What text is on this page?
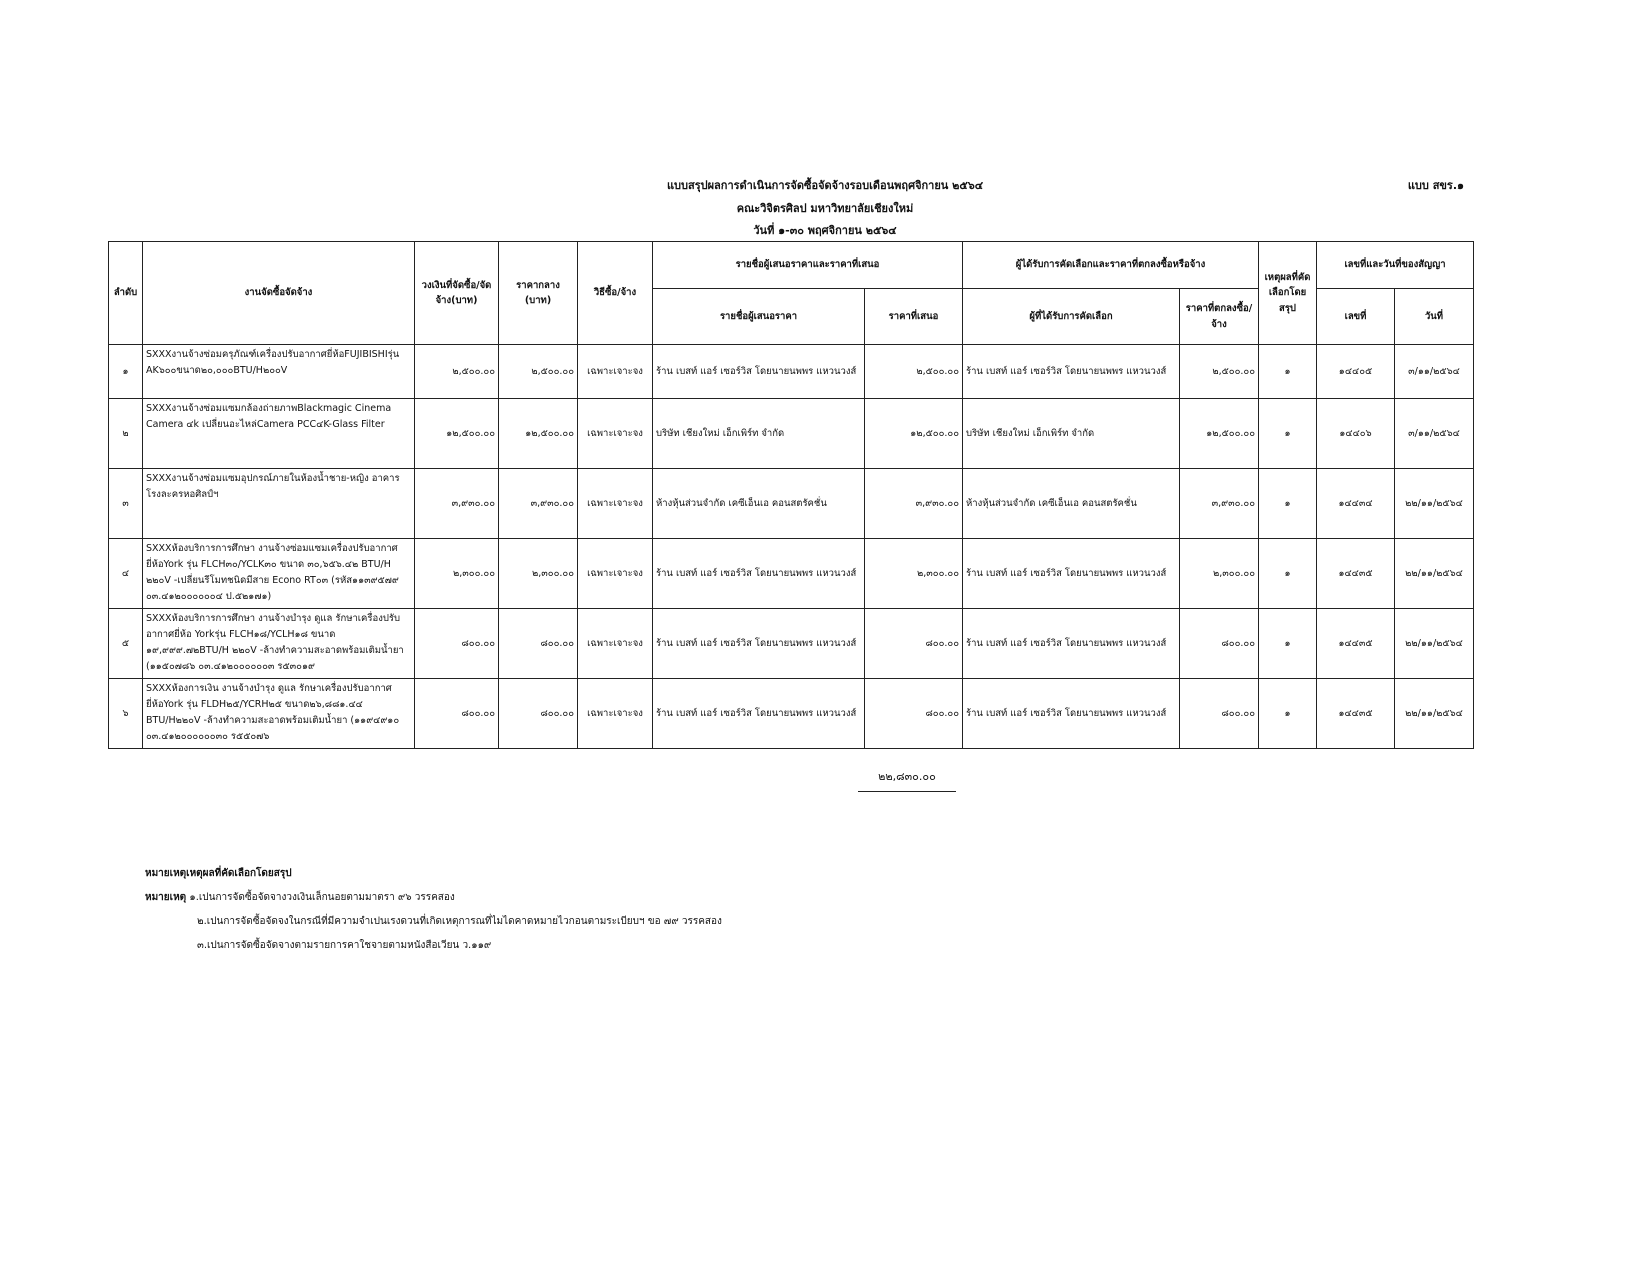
แบบสรุปผลการดำเนินการจัดซื้อจัดจ้างรอบเดือนพฤศจิกายน ๒๕๖๔
คณะวิจิตรศิลป มหาวิทยาลัยเชียงใหม่
วันที่ ๑-๓๐ พฤศจิกายน ๒๕๖๔
แบบ สขร.๑
ลำดับ	งานจัดซื้อจัดจ้าง	วงเงินที่จัดซื้อ/จัดจ้าง(บาท)	ราคากลาง (บาท)	วิธีซื้อ/จ้าง	รายชื่อผู้เสนอราคาและราคาที่เสนอ		ผู้ได้รับการคัดเลือกและราคาที่ตกลงซื้อหรือจ้าง		เหตุผลที่คัดเลือกโดยสรุป	เลขที่และวันที่ของสัญญา	
					รายชื่อผู้เสนอราคา	ราคาที่เสนอ	ผู้ที่ได้รับการคัดเลือก	ราคาที่ตกลงซื้อ/จ้าง		เลขที่	วันที่
๑	SXXXงานจ้างซ่อมครุภัณฑ์เครื่องปรับอากาศยี่ห้อFUJIBISHIรุ่น AK๖๐๐ขนาด๒๐,๐๐๐BTU/H๒๐๐V	๒,๕๐๐.๐๐	๒,๕๐๐.๐๐	เฉพาะเจาะจง	ร้าน เบสท์ แอร์ เซอร์วิส โดยนายนพพร แหวนวงส์	๒,๕๐๐.๐๐	ร้าน เบสท์ แอร์ เซอร์วิส โดยนายนพพร แหวนวงส์	๒,๕๐๐.๐๐	๑	๑๔๔๐๕	๓/๑๑/๒๕๖๔
๒	SXXXงานจ้างซ่อมแซมกล้องถ่ายภาพBlackmagic Cinema Camera ๔k เปลี่ยนอะไหล่Camera PCC๔K-Glass Filter	๑๒,๕๐๐.๐๐	๑๒,๕๐๐.๐๐	เฉพาะเจาะจง	บริษัท เชียงใหม่ เอ็กเพิร์ท จำกัด	๑๒,๕๐๐.๐๐	บริษัท เชียงใหม่ เอ็กเพิร์ท จำกัด	๑๒,๕๐๐.๐๐	๑	๑๔๔๐๖	๓/๑๑/๒๕๖๔
๓	SXXXงานจ้างซ่อมแซมอุปกรณ์ภายในห้องน้ำชาย-หญิง อาคารโรงละครหอศิลป์ฯ	๓,๙๓๐.๐๐	๓,๙๓๐.๐๐	เฉพาะเจาะจง	ห้างหุ้นส่วนจำกัด เคซีเอ็นเอ คอนสตรัคชั่น	๓,๙๓๐.๐๐	ห้างหุ้นส่วนจำกัด เคซีเอ็นเอ คอนสตรัคชั่น	๓,๙๓๐.๐๐	๑	๑๔๔๓๔	๒๒/๑๑/๒๕๖๔
๔	SXXXห้องบริการการศึกษา งานจ้างซ่อมแซมเครื่องปรับอากาศยี่ห้อYork รุ่น FLCH๓๐/YCLK๓๐ ขนาด ๓๐,๖๕๖.๔๒ BTU/H ๒๒๐V -เปลี่ยนรีโมทชนิดมีสาย Econo RT๐๓ (รหัส๑๑๓๙๕๗๙ ๐๓.๔๑๒๐๐๐๐๐๐๔ ป.๕๒๑๗๑)	๒,๓๐๐.๐๐	๒,๓๐๐.๐๐	เฉพาะเจาะจง	ร้าน เบสท์ แอร์ เซอร์วิส โดยนายนพพร แหวนวงส์	๒,๓๐๐.๐๐	ร้าน เบสท์ แอร์ เซอร์วิส โดยนายนพพร แหวนวงส์	๒,๓๐๐.๐๐	๑	๑๔๔๓๕	๒๒/๑๑/๒๕๖๔
๕	SXXXห้องบริการการศึกษา งานจ้างบำรุง ดูแล รักษาเครื่องปรับอากาศยี่ห้อ Yorkรุ่น FLCH๑๘/YCLH๑๘ ขนาด ๑๙,๙๙๙.๗๒BTU/H ๒๒๐V -ล้างทำความสะอาดพร้อมเติมน้ำยา (๑๑๕๐๗๘๖ ๐๓.๔๑๒๐๐๐๐๐๐๓ ร๕๓๐๑๙	๘๐๐.๐๐	๘๐๐.๐๐	เฉพาะเจาะจง	ร้าน เบสท์ แอร์ เซอร์วิส โดยนายนพพร แหวนวงส์	๘๐๐.๐๐	ร้าน เบสท์ แอร์ เซอร์วิส โดยนายนพพร แหวนวงส์	๘๐๐.๐๐	๑	๑๔๔๓๕	๒๒/๑๑/๒๕๖๔
๖	SXXXห้องการเงิน งานจ้างบำรุง ดูแล รักษาเครื่องปรับอากาศยี่ห้อYork รุ่น FLDH๒๕/YCRH๒๕ ขนาด๒๖,๘๘๑.๔๔ BTU/H๒๒๐V -ล้างทำความสะอาดพร้อมเติมน้ำยา (๑๑๙๔๙๑๐ ๐๓.๔๑๒๐๐๐๐๐๐๓๐ ร๕๕๐๗๖	๘๐๐.๐๐	๘๐๐.๐๐	เฉพาะเจาะจง	ร้าน เบสท์ แอร์ เซอร์วิส โดยนายนพพร แหวนวงส์	๘๐๐.๐๐	ร้าน เบสท์ แอร์ เซอร์วิส โดยนายนพพร แหวนวงส์	๘๐๐.๐๐	๑	๑๔๔๓๕	๒๒/๑๑/๒๕๖๔
๒๒,๘๓๐.๐๐
หมายเหตุเหตุผลที่คัดเลือกโดยสรุป
หมายเหตุ ๑.เปนการจัดซื้อจัดจางวงเงินเล็กนอยตามมาตรา ๙๖ วรรคสอง
๒.เปนการจัดซื้อจัดจงในกรณีที่มีความจำเปนเรงดวนที่เกิดเหตุการณที่ไมไดคาดหมายไวกอนตามระเบียบฯ ขอ ๗๙ วรรคสอง
๓.เปนการจัดซื้อจัดจางตามรายการคาใชจายตามหนังสือเวียน ว.๑๑๙
